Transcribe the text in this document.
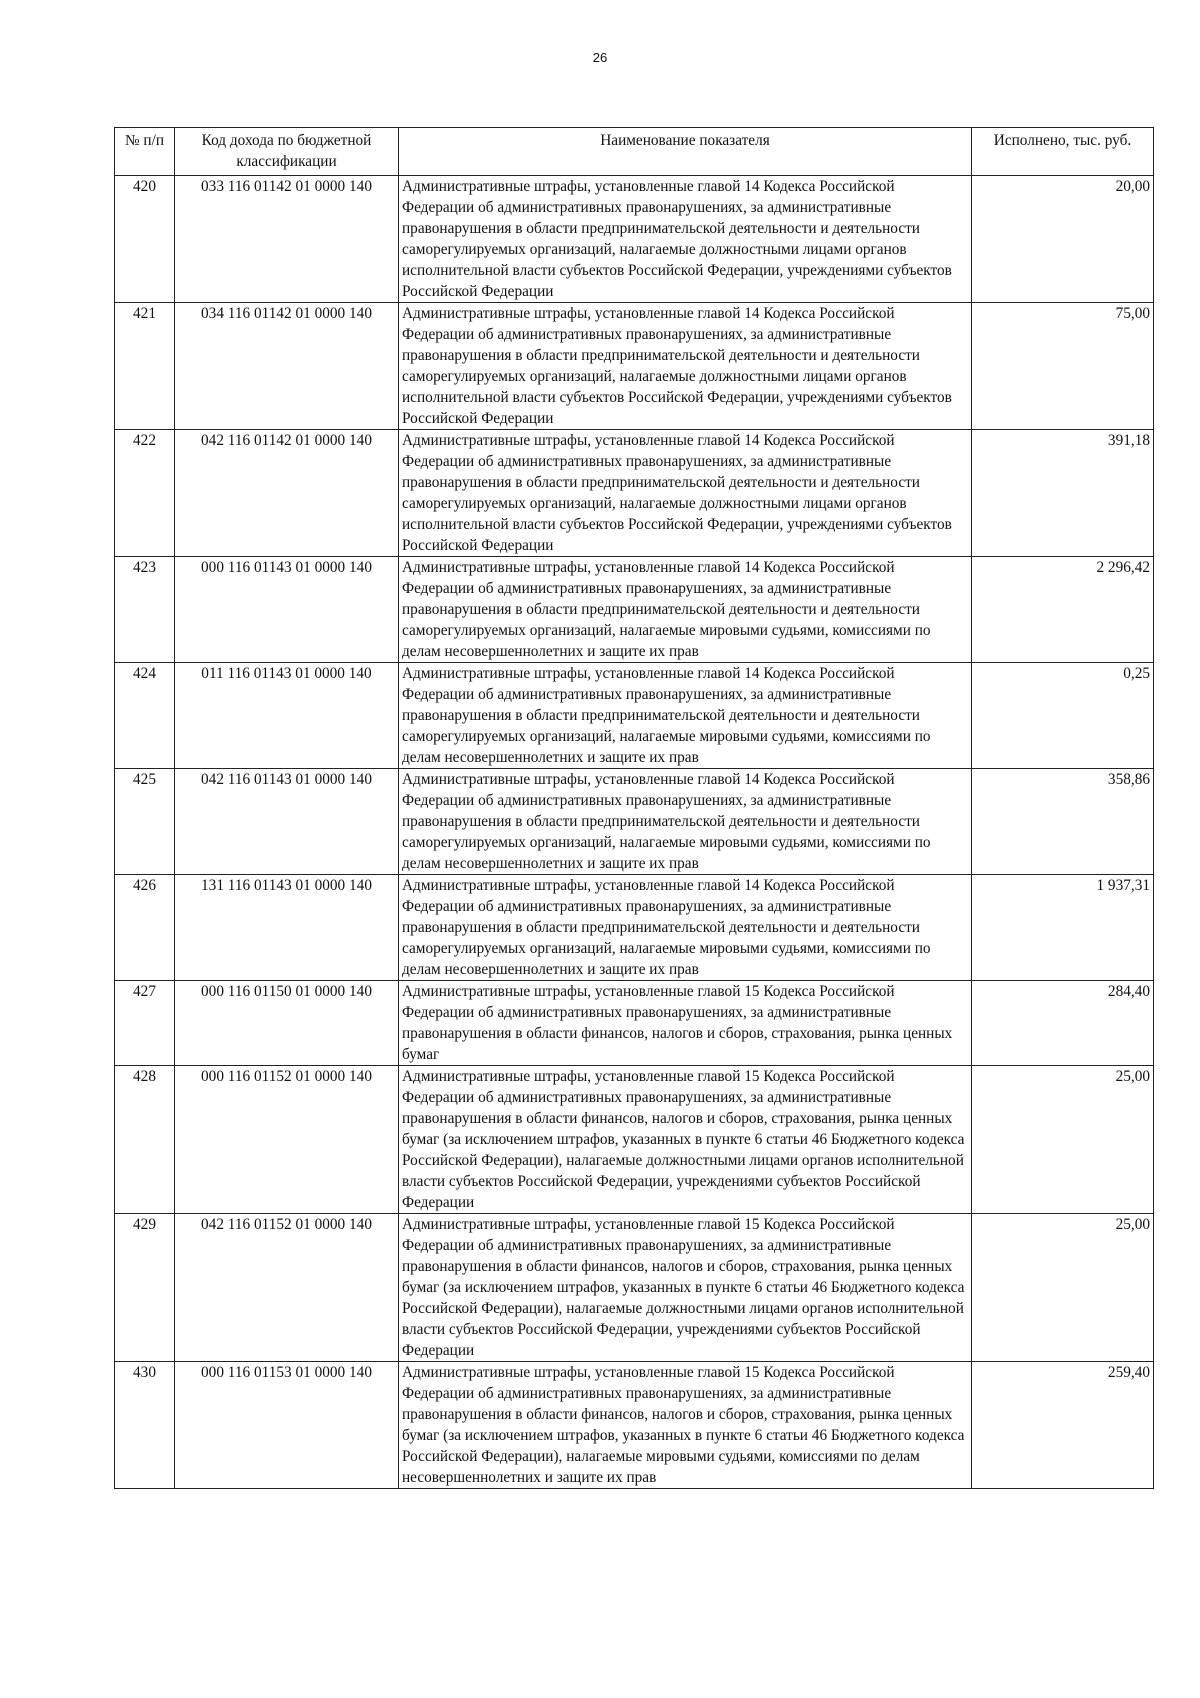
26
№ п/п	Код дохода по бюджетной классификации	Наименование показателя	Исполнено, тыс. руб.
420	033 116 01142 01 0000 140	Административные штрафы, установленные главой 14 Кодекса Российской Федерации об административных правонарушениях, за административные правонарушения в области предпринимательской деятельности и деятельности саморегулируемых организаций, налагаемые должностными лицами органов исполнительной власти субъектов Российской Федерации, учреждениями субъектов Российской Федерации	20,00
421	034 116 01142 01 0000 140	Административные штрафы, установленные главой 14 Кодекса Российской Федерации об административных правонарушениях, за административные правонарушения в области предпринимательской деятельности и деятельности саморегулируемых организаций, налагаемые должностными лицами органов исполнительной власти субъектов Российской Федерации, учреждениями субъектов Российской Федерации	75,00
422	042 116 01142 01 0000 140	Административные штрафы, установленные главой 14 Кодекса Российской Федерации об административных правонарушениях, за административные правонарушения в области предпринимательской деятельности и деятельности саморегулируемых организаций, налагаемые должностными лицами органов исполнительной власти субъектов Российской Федерации, учреждениями субъектов Российской Федерации	391,18
423	000 116 01143 01 0000 140	Административные штрафы, установленные главой 14 Кодекса Российской Федерации об административных правонарушениях, за административные правонарушения в области предпринимательской деятельности и деятельности саморегулируемых организаций, налагаемые мировыми судьями, комиссиями по делам несовершеннолетних и защите их прав	2 296,42
424	011 116 01143 01 0000 140	Административные штрафы, установленные главой 14 Кодекса Российской Федерации об административных правонарушениях, за административные правонарушения в области предпринимательской деятельности и деятельности саморегулируемых организаций, налагаемые мировыми судьями, комиссиями по делам несовершеннолетних и защите их прав	0,25
425	042 116 01143 01 0000 140	Административные штрафы, установленные главой 14 Кодекса Российской Федерации об административных правонарушениях, за административные правонарушения в области предпринимательской деятельности и деятельности саморегулируемых организаций, налагаемые мировыми судьями, комиссиями по делам несовершеннолетних и защите их прав	358,86
426	131 116 01143 01 0000 140	Административные штрафы, установленные главой 14 Кодекса Российской Федерации об административных правонарушениях, за административные правонарушения в области предпринимательской деятельности и деятельности саморегулируемых организаций, налагаемые мировыми судьями, комиссиями по делам несовершеннолетних и защите их прав	1 937,31
427	000 116 01150 01 0000 140	Административные штрафы, установленные главой 15 Кодекса Российской Федерации об административных правонарушениях, за административные правонарушения в области финансов, налогов и сборов, страхования, рынка ценных бумаг	284,40
428	000 116 01152 01 0000 140	Административные штрафы, установленные главой 15 Кодекса Российской Федерации об административных правонарушениях, за административные правонарушения в области финансов, налогов и сборов, страхования, рынка ценных бумаг (за исключением штрафов, указанных в пункте 6 статьи 46 Бюджетного кодекса Российской Федерации), налагаемые должностными лицами органов исполнительной власти субъектов Российской Федерации, учреждениями субъектов Российской Федерации	25,00
429	042 116 01152 01 0000 140	Административные штрафы, установленные главой 15 Кодекса Российской Федерации об административных правонарушениях, за административные правонарушения в области финансов, налогов и сборов, страхования, рынка ценных бумаг (за исключением штрафов, указанных в пункте 6 статьи 46 Бюджетного кодекса Российской Федерации), налагаемые должностными лицами органов исполнительной власти субъектов Российской Федерации, учреждениями субъектов Российской Федерации	25,00
430	000 116 01153 01 0000 140	Административные штрафы, установленные главой 15 Кодекса Российской Федерации об административных правонарушениях, за административные правонарушения в области финансов, налогов и сборов, страхования, рынка ценных бумаг (за исключением штрафов, указанных в пункте 6 статьи 46 Бюджетного кодекса Российской Федерации), налагаемые мировыми судьями, комиссиями по делам несовершеннолетних и защите их прав	259,40
